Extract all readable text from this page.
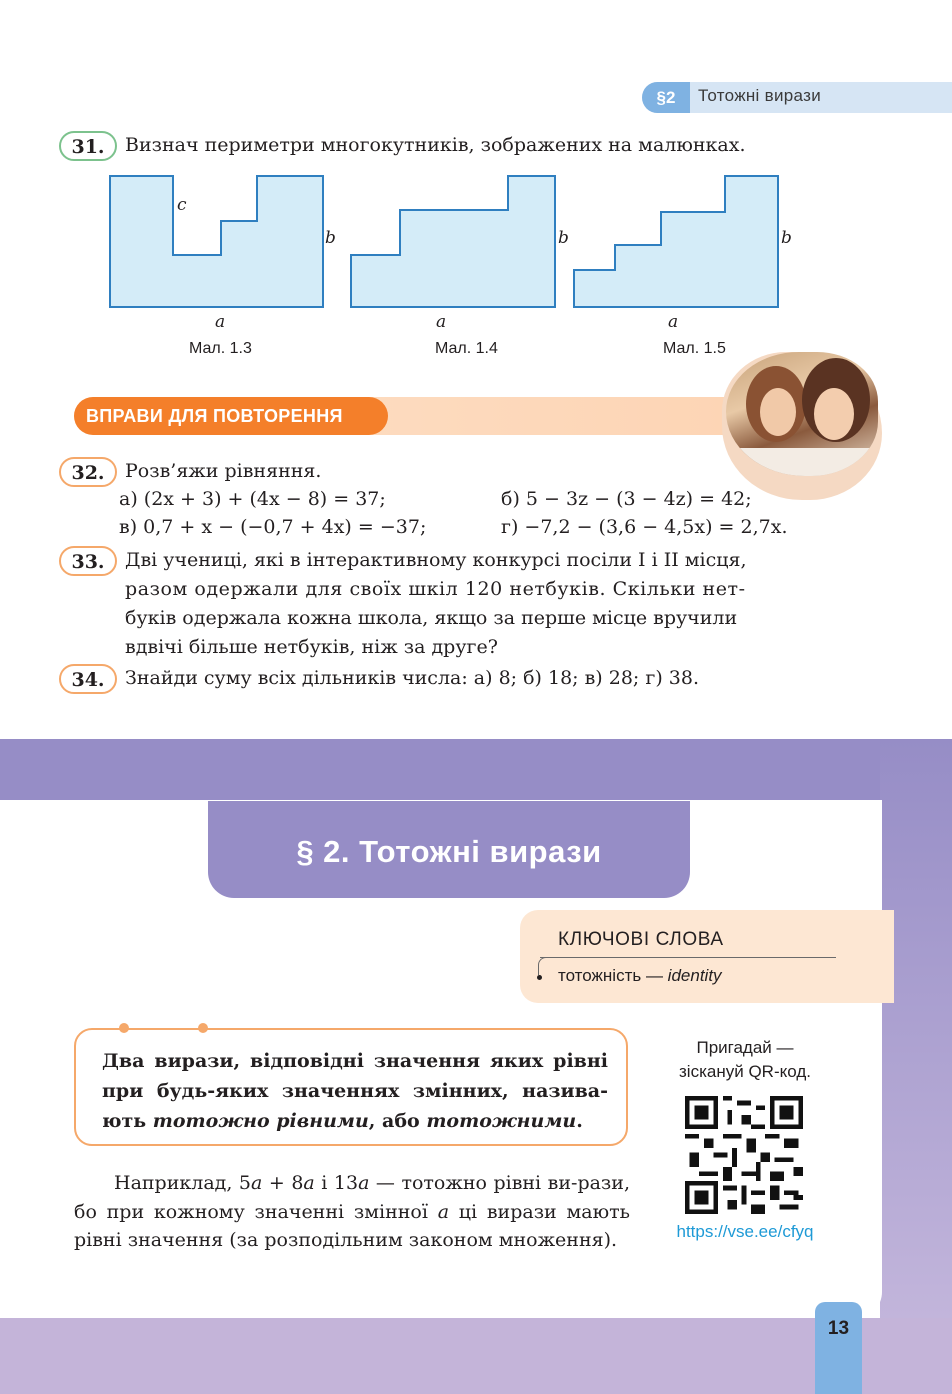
§2	Тотожні вирази
31.	Визнач периметри многокутників, зображених на малюнках.
c
b
a
Мал. 1.3
b
a
Мал. 1.4
b
a
Мал. 1.5
ВПРАВИ ДЛЯ ПОВТОРЕННЯ
32.	Розв’яжи рівняння.
а) (2x + 3) + (4x − 8) = 37;	б) 5 − 3z − (3 − 4z) = 42;
в) 0,7 + x − (−0,7 + 4x) = −37;	г) −7,2 − (3,6 − 4,5x) = 2,7x.
33.	Дві учениці, які в інтерактивному конкурсі посіли І і ІІ місця,
разом одержали для своїх шкіл 120 нетбуків. Скільки нет-
буків одержала кожна школа, якщо за перше місце вручили
вдвічі більше нетбуків, ніж за друге?
34.	Знайди суму всіх дільників числа: а) 8; б) 18; в) 28; г) 38.
§ 2. Тотожні вирази
КЛЮЧОВІ СЛОВА
тотожність — identity
Два вирази, відповідні значення яких рівні при будь-яких значеннях змінних, назива-ють тотожно рівними, або тотожними.
Наприклад, 5a + 8a і 13a — тотожно рівні ви-рази, бо при кожному значенні змінної a ці вирази мають рівні значення (за розподільним законом множення).
Пригадай —
зіскануй QR-код.
https://vse.ee/cfyq
13
